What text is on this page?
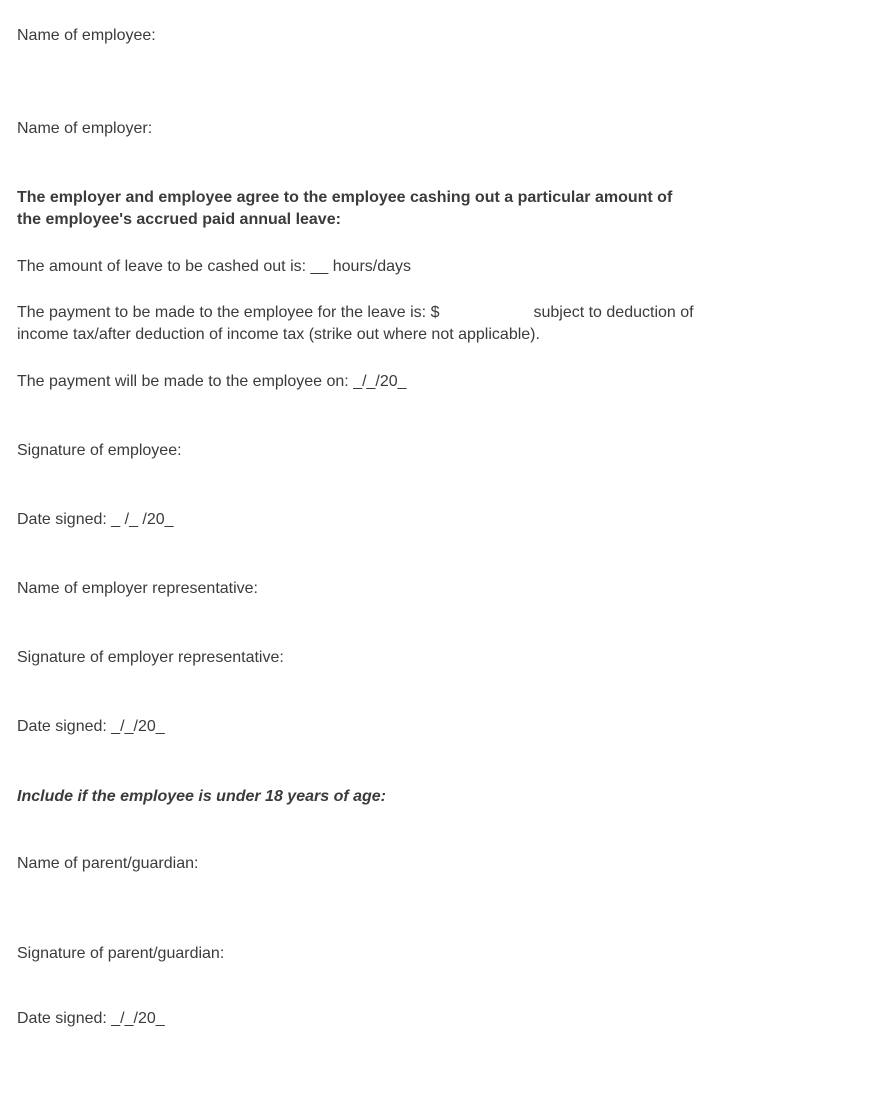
Name of employee:

Name of employer:

The employer and employee agree to the employee cashing out a particular amount of
the employee's accrued paid annual leave:

The amount of leave to be cashed out is: __ hours/days

The payment to be made to the employee for the leave is: $	subject to deduction of
income tax/after deduction of income tax (strike out where not applicable).

The payment will be made to the employee on: _/_/20_

Signature of employee:

Date signed: _ /_ /20_

Name of employer representative:

Signature of employer representative:

Date signed: _/_/20_

Include if the employee is under 18 years of age:

Name of parent/guardian:

Signature of parent/guardian:

Date signed: _/_/20_
